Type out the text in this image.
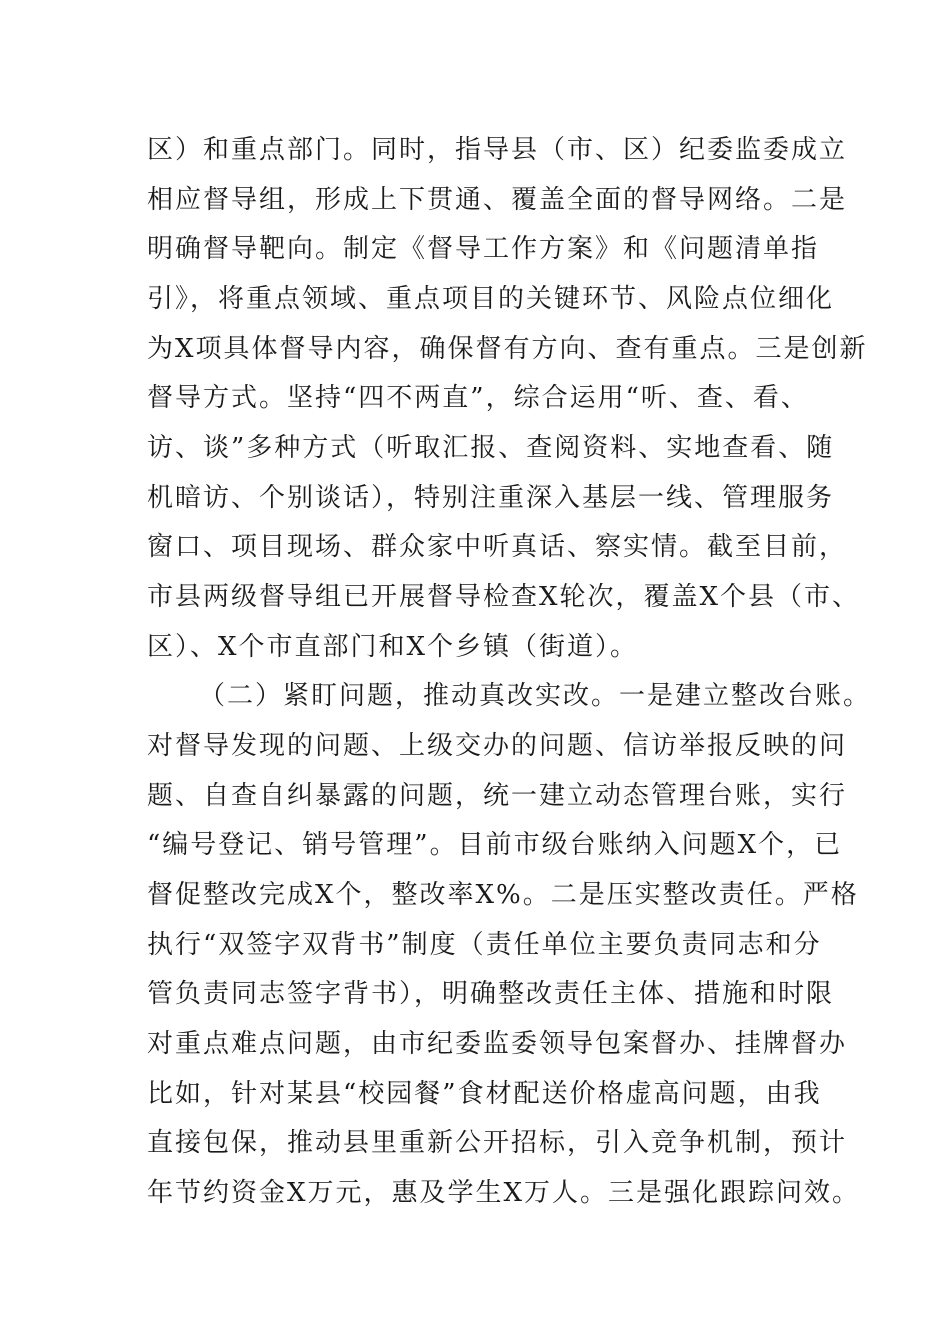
区）和重点部门。同时，指导县（市、区）纪委监委成立
相应督导组，形成上下贯通、覆盖全面的督导网络。二是
明确督导靶向。制定《督导工作方案》和《问题清单指
引》，将重点领域、重点项目的关键环节、风险点位细化
为X项具体督导内容，确保督有方向、查有重点。三是创新
督导方式。坚持“四不两直”，综合运用“听、查、看、
访、谈”多种方式（听取汇报、查阅资料、实地查看、随
机暗访、个别谈话），特别注重深入基层一线、管理服务
窗口、项目现场、群众家中听真话、察实情。截至目前，
市县两级督导组已开展督导检查X轮次，覆盖X个县（市、
区）、X个市直部门和X个乡镇（街道）。
（二）紧盯问题，推动真改实改。一是建立整改台账。
对督导发现的问题、上级交办的问题、信访举报反映的问
题、自查自纠暴露的问题，统一建立动态管理台账，实行
“编号登记、销号管理”。目前市级台账纳入问题X个，已
督促整改完成X个，整改率X%。二是压实整改责任。严格
执行“双签字双背书”制度（责任单位主要负责同志和分
管负责同志签字背书），明确整改责任主体、措施和时限
对重点难点问题，由市纪委监委领导包案督办、挂牌督办
比如，针对某县“校园餐”食材配送价格虚高问题，由我
直接包保，推动县里重新公开招标，引入竞争机制，预计
年节约资金X万元，惠及学生X万人。三是强化跟踪问效。
